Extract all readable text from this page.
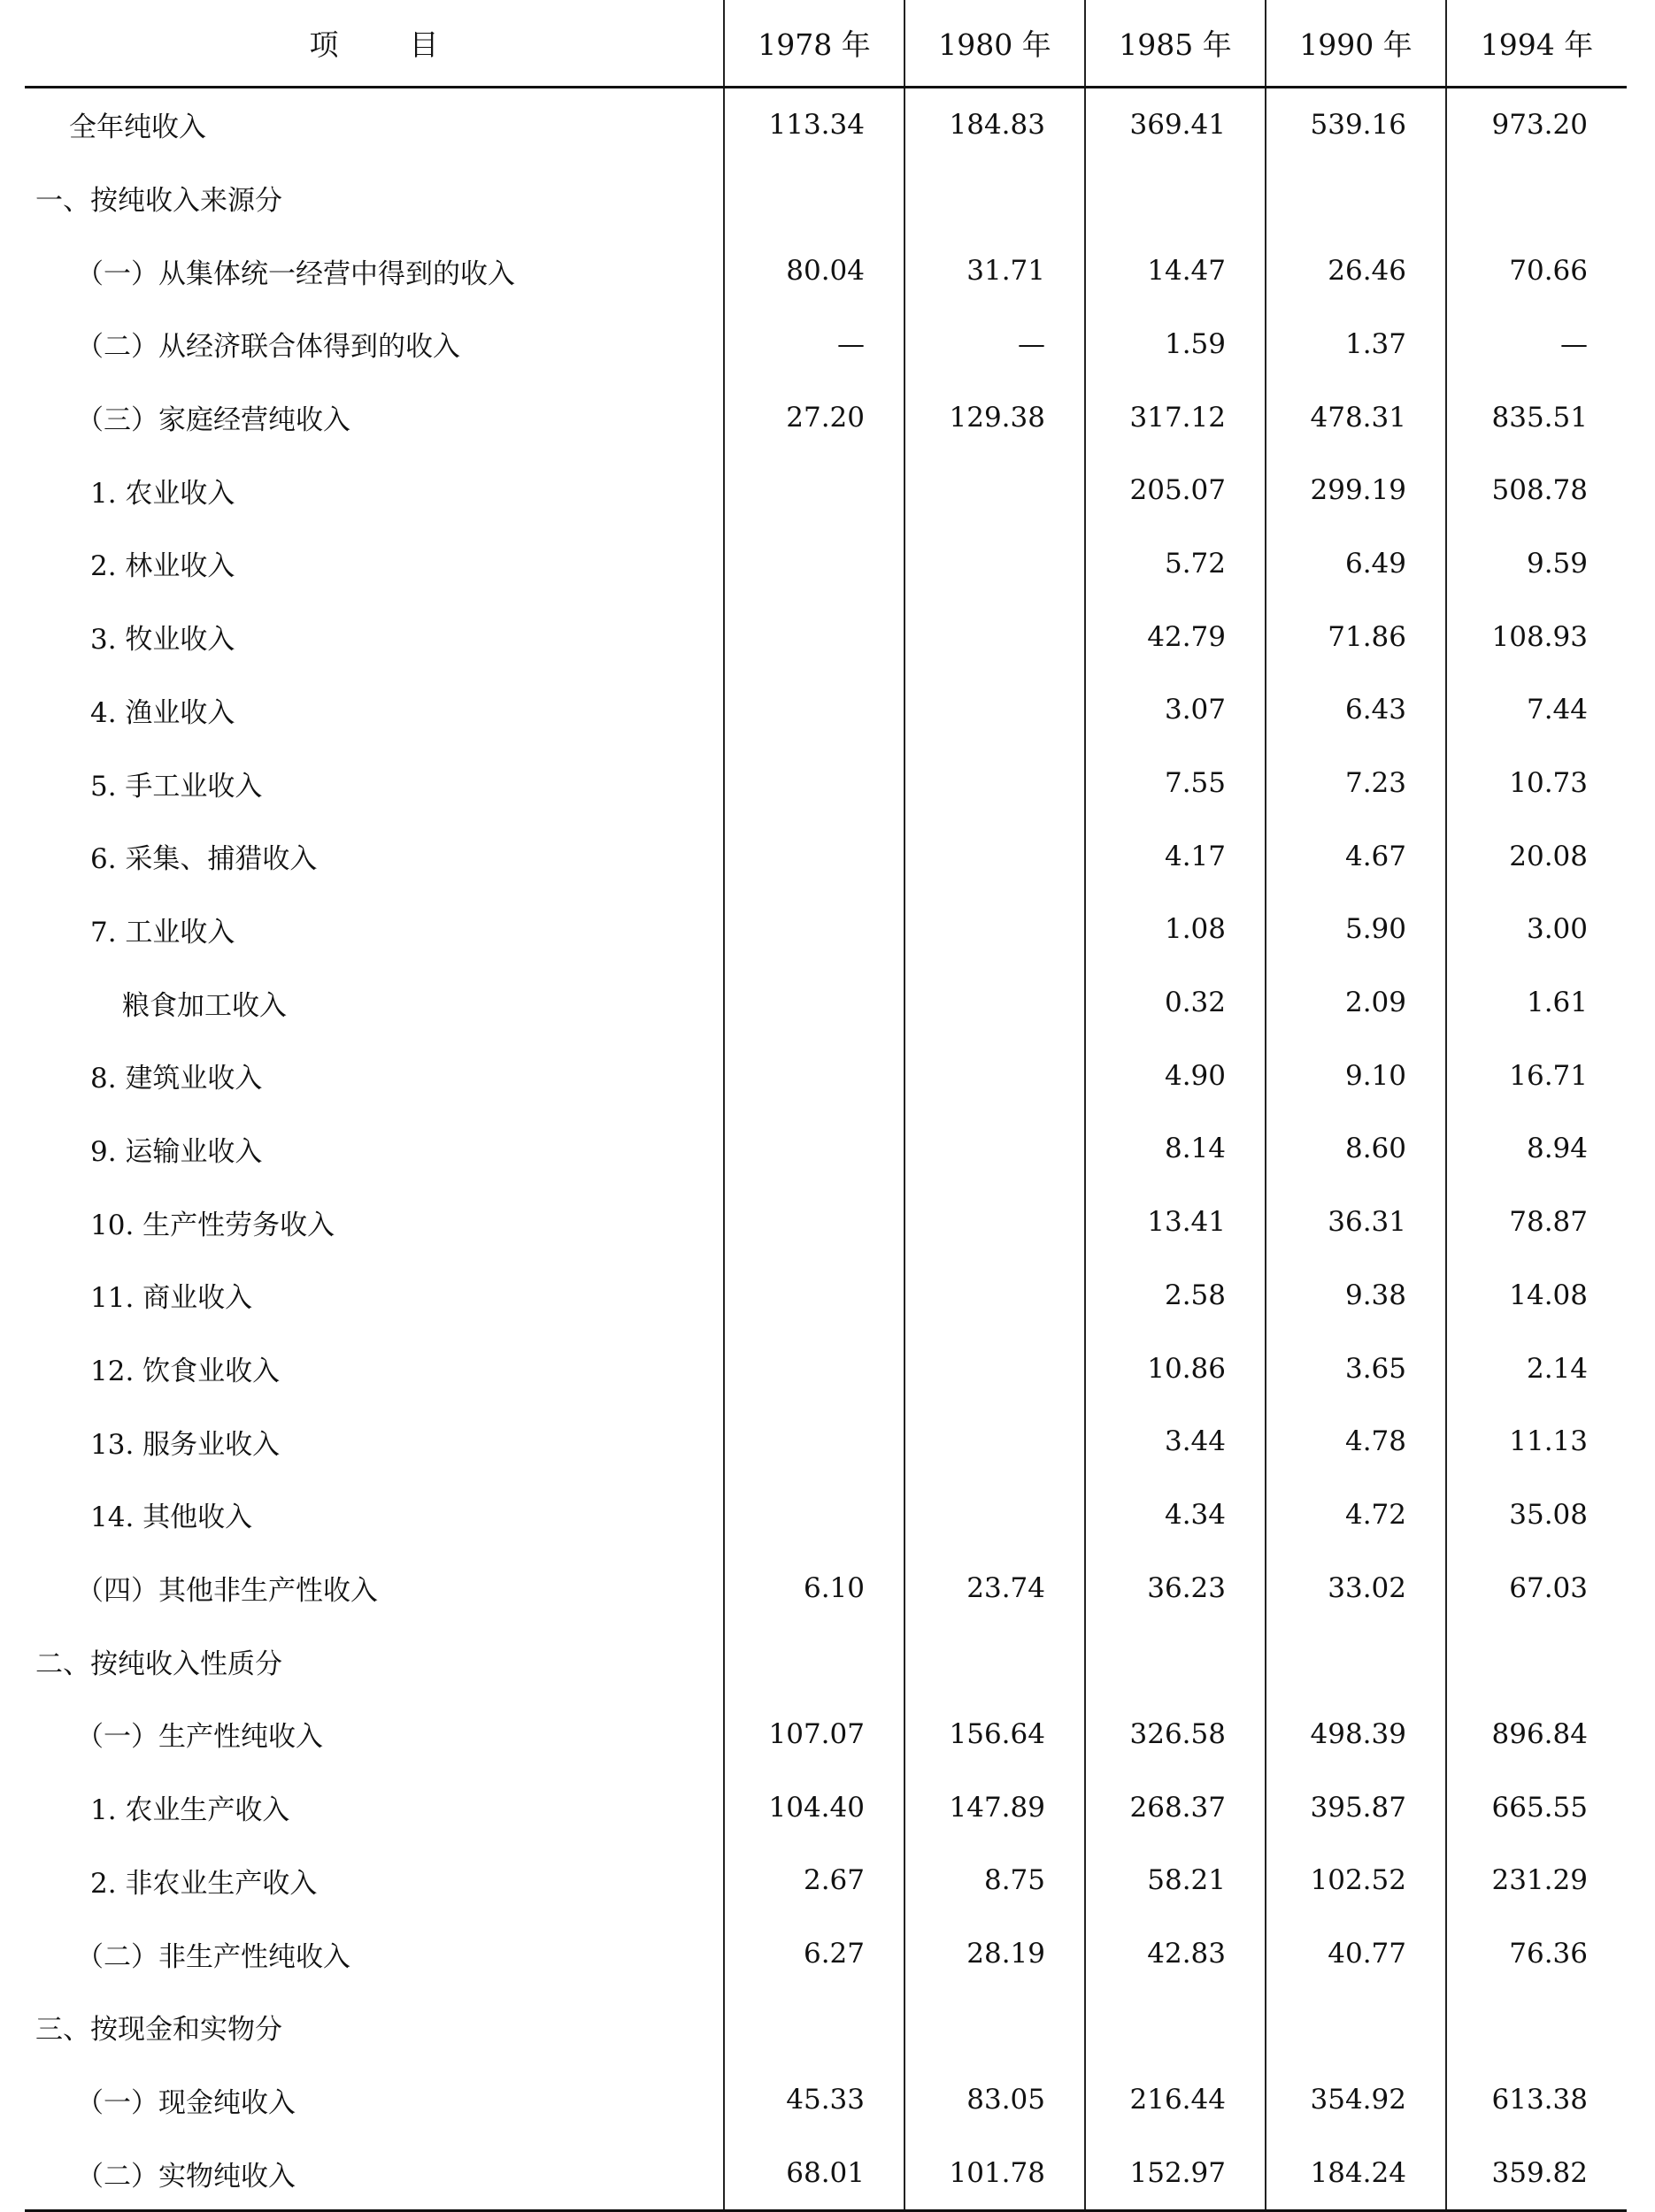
项 目	1978 年	1980 年	1985 年	1990 年	1994 年
全年纯收入	113.34	184.83	369.41	539.16	973.20
一、按纯收入来源分					
（一）从集体统一经营中得到的收入	80.04	31.71	14.47	26.46	70.66
（二）从经济联合体得到的收入	—	—	1.59	1.37	—
（三）家庭经营纯收入	27.20	129.38	317.12	478.31	835.51
1. 农业收入			205.07	299.19	508.78
2. 林业收入			5.72	6.49	9.59
3. 牧业收入			42.79	71.86	108.93
4. 渔业收入			3.07	6.43	7.44
5. 手工业收入			7.55	7.23	10.73
6. 采集、捕猎收入			4.17	4.67	20.08
7. 工业收入			1.08	5.90	3.00
粮食加工收入			0.32	2.09	1.61
8. 建筑业收入			4.90	9.10	16.71
9. 运输业收入			8.14	8.60	8.94
10. 生产性劳务收入			13.41	36.31	78.87
11. 商业收入			2.58	9.38	14.08
12. 饮食业收入			10.86	3.65	2.14
13. 服务业收入			3.44	4.78	11.13
14. 其他收入			4.34	4.72	35.08
（四）其他非生产性收入	6.10	23.74	36.23	33.02	67.03
二、按纯收入性质分					
（一）生产性纯收入	107.07	156.64	326.58	498.39	896.84
1. 农业生产收入	104.40	147.89	268.37	395.87	665.55
2. 非农业生产收入	2.67	8.75	58.21	102.52	231.29
（二）非生产性纯收入	6.27	28.19	42.83	40.77	76.36
三、按现金和实物分					
（一）现金纯收入	45.33	83.05	216.44	354.92	613.38
（二）实物纯收入	68.01	101.78	152.97	184.24	359.82
